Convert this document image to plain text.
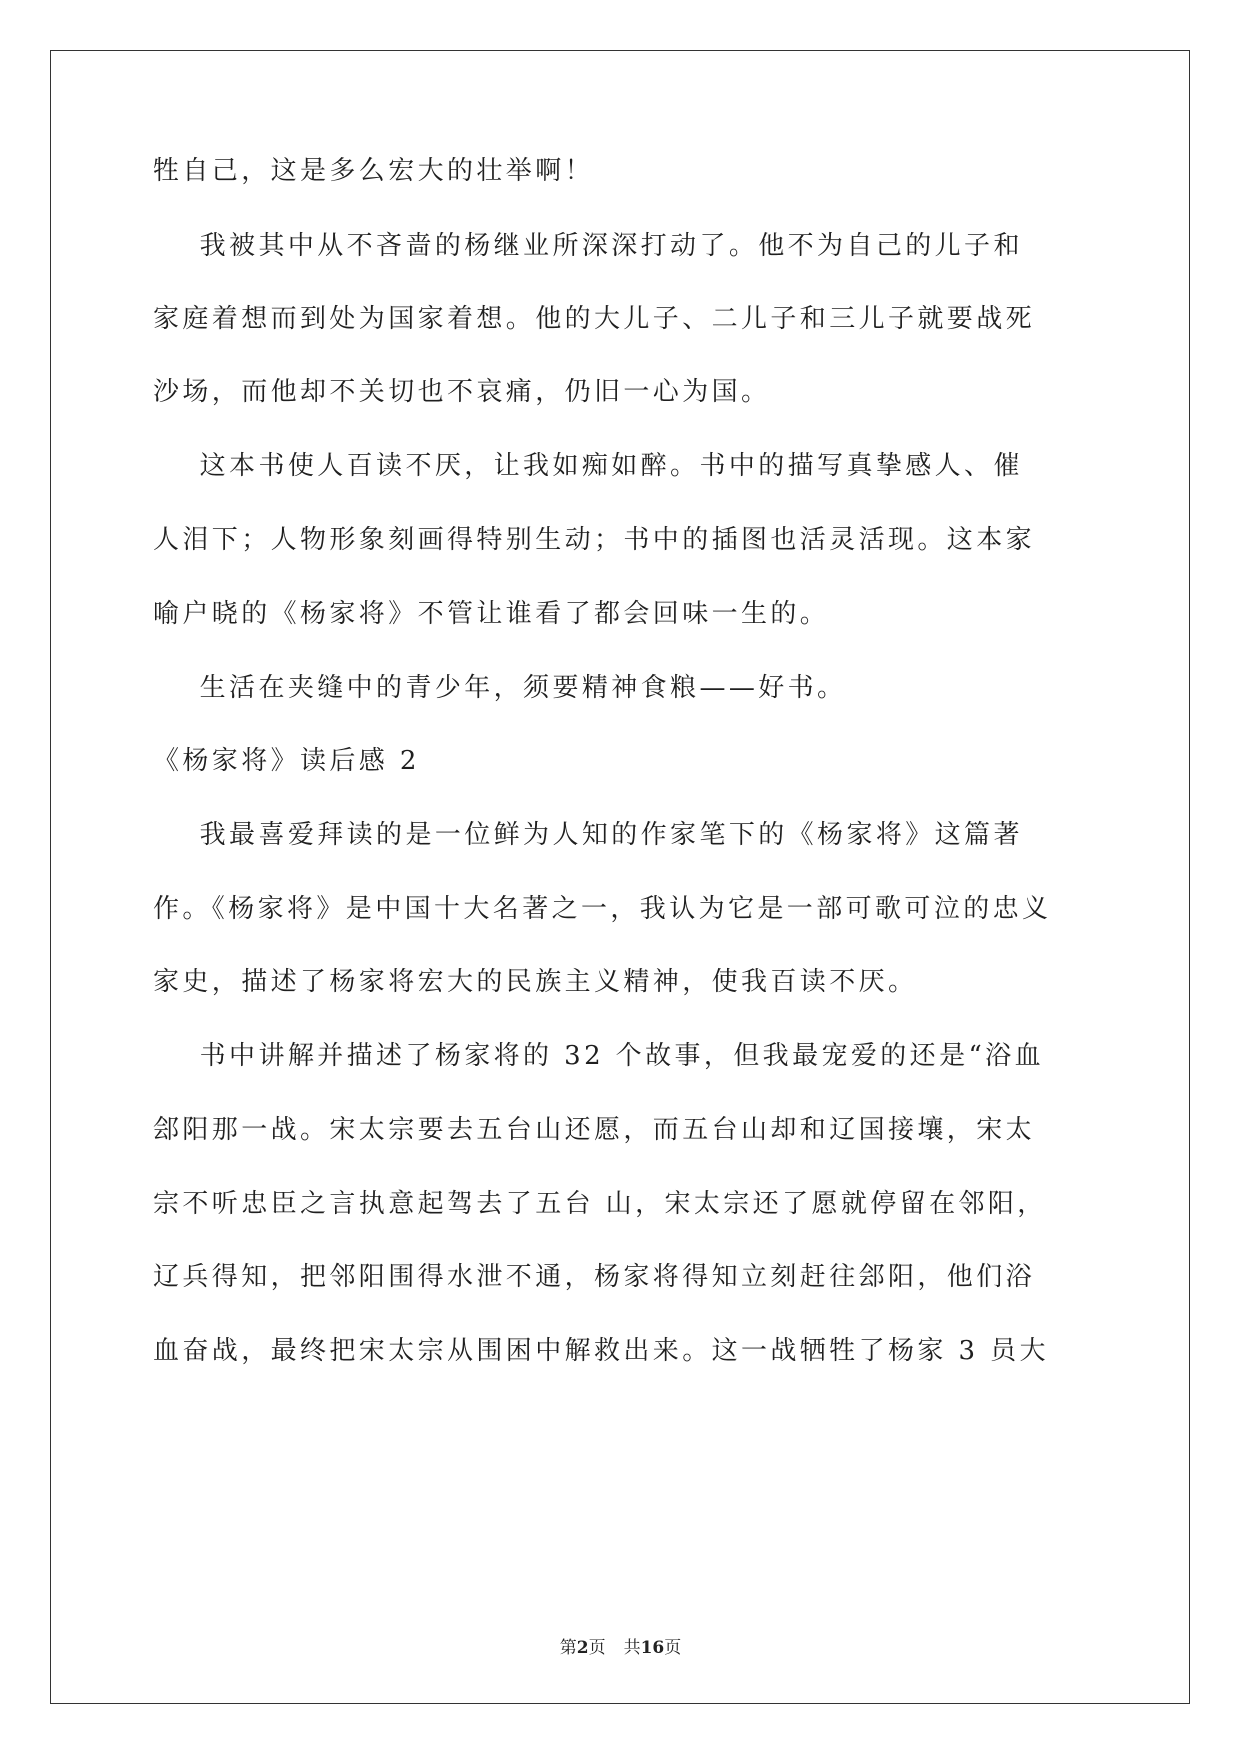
牲自己，这是多么宏大的壮举啊！
我被其中从不吝啬的杨继业所深深打动了。他不为自己的儿子和
家庭着想而到处为国家着想。他的大儿子、二儿子和三儿子就要战死
沙场，而他却不关切也不哀痛，仍旧一心为国。
这本书使人百读不厌，让我如痴如醉。书中的描写真挚感人、催
人泪下；人物形象刻画得特别生动；书中的插图也活灵活现。这本家
喻户晓的《杨家将》不管让谁看了都会回味一生的。
生活在夹缝中的青少年，须要精神食粮——好书。
《杨家将》读后感 2
我最喜爱拜读的是一位鲜为人知的作家笔下的《杨家将》这篇著
作。《杨家将》是中国十大名著之一，我认为它是一部可歌可泣的忠义
家史，描述了杨家将宏大的民族主义精神，使我百读不厌。
书中讲解并描述了杨家将的 32 个故事，但我最宠爱的还是“浴血
郐阳那一战。宋太宗要去五台山还愿，而五台山却和辽国接壤，宋太
宗不听忠臣之言执意起驾去了五台 山，宋太宗还了愿就停留在邻阳，
辽兵得知，把邻阳围得水泄不通，杨家将得知立刻赶往郐阳，他们浴
血奋战，最终把宋太宗从围困中解救出来。这一战牺牲了杨家 3 员大
第2页 共16页
